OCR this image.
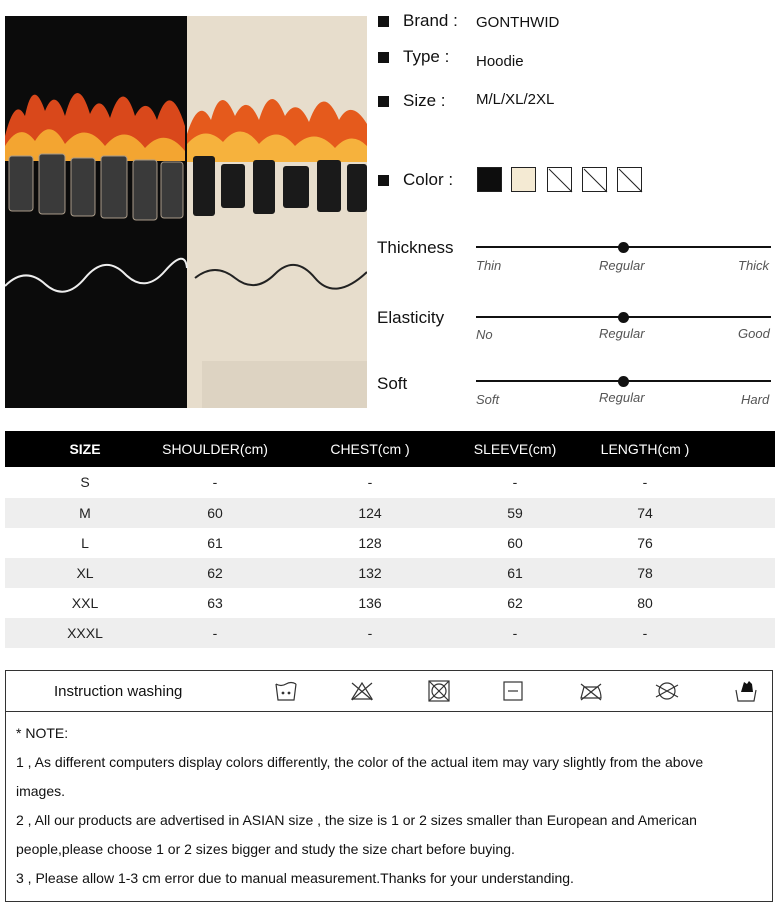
Brand : GONTHWID
Type : Hoodie
Size : M/L/XL/2XL
Color :
Thickness
Thin	Regular	Thick
Elasticity
No	Regular	Good
Soft
Soft	Regular	Hard
SIZE	SHOULDER(cm)	CHEST(cm )	SLEEVE(cm)	LENGTH(cm )
S	-	-	-	-
M	60	124	59	74
L	61	128	60	76
XL	62	132	61	78
XXL	63	136	62	80
XXXL	-	-	-	-
Instruction washing
* NOTE:
1 , As different computers display colors differently, the color of the actual item may vary slightly from the above
images.
2 , All our products are advertised in ASIAN size , the size is 1 or 2 sizes smaller than European and American
people,please choose 1 or 2 sizes bigger and study the size chart before buying.
3 , Please allow 1-3 cm error due to manual measurement.Thanks for your understanding.
